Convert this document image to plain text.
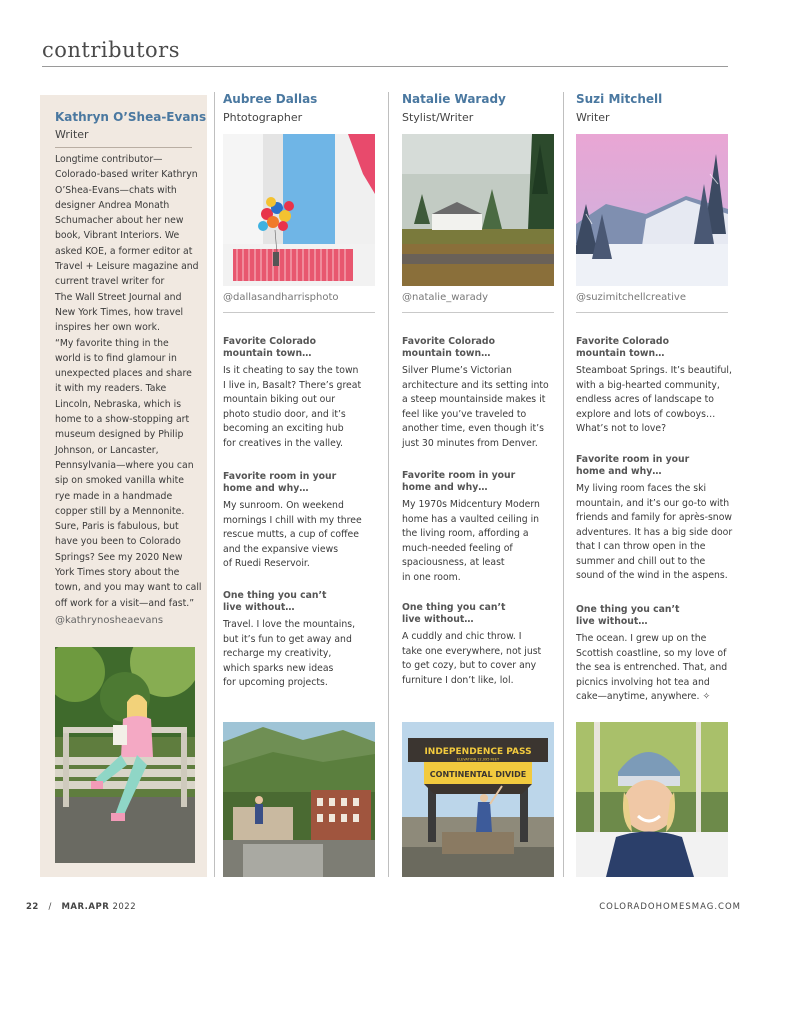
contributors
Kathryn O’Shea-Evans
Writer
Longtime contributor—
Colorado-based writer Kathryn
O’Shea-Evans—chats with
designer Andrea Monath
Schumacher about her new
book, Vibrant Interiors. We
asked KOE, a former editor at
Travel + Leisure magazine and
current travel writer for
The Wall Street Journal and
New York Times, how travel
inspires her own work.
“My favorite thing in the
world is to find glamour in
unexpected places and share
it with my readers. Take
Lincoln, Nebraska, which is
home to a show-stopping art
museum designed by Philip
Johnson, or Lancaster,
Pennsylvania—where you can
sip on smoked vanilla white
rye made in a handmade
copper still by a Mennonite.
Sure, Paris is fabulous, but
have you been to Colorado
Springs? See my 2020 New
York Times story about the
town, and you may want to call
off work for a visit—and fast.”
@kathrynosheaevans
Aubree Dallas
Phtotographer
@dallasandharrisphoto
Favorite Colorado
mountain town…
Is it cheating to say the town
I live in, Basalt? There’s great
mountain biking out our
photo studio door, and it’s
becoming an exciting hub
for creatives in the valley.
Favorite room in your
home and why…
My sunroom. On weekend
mornings I chill with my three
rescue mutts, a cup of coffee
and the expansive views
of Ruedi Reservoir.
One thing you can’t
live without…
Travel. I love the mountains,
but it’s fun to get away and
recharge my creativity,
which sparks new ideas
for upcoming projects.
Natalie Warady
Stylist/Writer
@natalie_warady
Favorite Colorado
mountain town…
Silver Plume’s Victorian
architecture and its setting into
a steep mountainside makes it
feel like you’ve traveled to
another time, even though it’s
just 30 minutes from Denver.
Favorite room in your
home and why…
My 1970s Midcentury Modern
home has a vaulted ceiling in
the living room, affording a
much-needed feeling of
spaciousness, at least
in one room.
One thing you can’t
live without…
A cuddly and chic throw. I
take one everywhere, not just
to get cozy, but to cover any
furniture I don’t like, lol.
INDEPENDENCE PASS
ELEVATION 12,095 FEET
CONTINENTAL DIVIDE
Suzi Mitchell
Writer
@suzimitchellcreative
Favorite Colorado
mountain town…
Steamboat Springs. It’s beautiful,
with a big-hearted community,
endless acres of landscape to
explore and lots of cowboys…
What’s not to love?
Favorite room in your
home and why…
My living room faces the ski
mountain, and it’s our go-to with
friends and family for après-snow
adventures. It has a big side door
that I can throw open in the
summer and chill out to the
sound of the wind in the aspens.
One thing you can’t
live without…
The ocean. I grew up on the
Scottish coastline, so my love of
the sea is entrenched. That, and
picnics involving hot tea and
cake—anytime, anywhere. ✧
22 / MAR.APR 2022	COLORADOHOMESMAG.COM
